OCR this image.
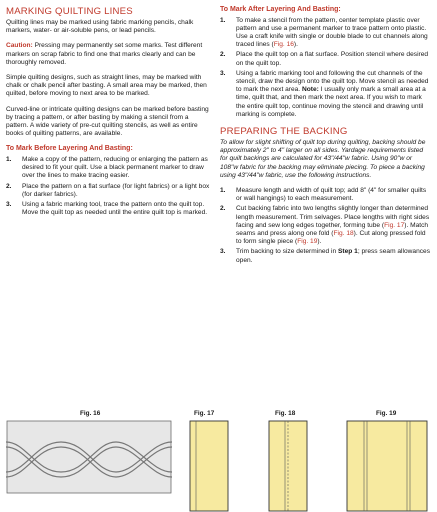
MARKING QUILTING LINES

Quilting lines may be marked using fabric marking pencils, chalk markers, water- or air-soluble pens, or lead pencils.

Caution: Pressing may permanently set some marks. Test different markers on scrap fabric to find one that marks clearly and can be thoroughly removed.

Simple quilting designs, such as straight lines, may be marked with chalk or chalk pencil after basting. A small area may be marked, then quilted, before moving to next area to be marked.

Curved-line or intricate quilting designs can be marked before basting by tracing a pattern, or after basting by making a stencil from a pattern. A wide variety of pre-cut quilting stencils, as well as entire books of quilting patterns, are available.

To Mark Before Layering And Basting:
1. Make a copy of the pattern, reducing or enlarging the pattern as desired to fit your quilt. Use a black permanent marker to draw over the lines to make tracing easier.
2. Place the pattern on a flat surface (for light fabrics) or a light box (for darker fabrics).
3. Using a fabric marking tool, trace the pattern onto the quilt top. Move the quilt top as needed until the entire quilt top is marked.
To Mark After Layering And Basting:
1. To make a stencil from the pattern, center template plastic over pattern and use a permanent marker to trace pattern onto plastic. Use a craft knife with single or double blade to cut channels along traced lines (Fig. 16).
2. Place the quilt top on a flat surface. Position stencil where desired on the quilt top.
3. Using a fabric marking tool and following the cut channels of the stencil, draw the design onto the quilt top. Move stencil as needed to mark the next area. Note: I usually only mark a small area at a time, quilt that, and then mark the next area. If you wish to mark the entire quilt top, continue moving the stencil and drawing until marking is complete.
PREPARING THE BACKING

To allow for slight shifting of quilt top during quilting, backing should be approximately 2" to 4" larger on all sides. Yardage requirements listed for quilt backings are calculated for 43"/44"w fabric. Using 90"w or 108"w fabric for the backing may eliminate piecing. To piece a backing using 43"/44"w fabric, use the following instructions.

1. Measure length and width of quilt top; add 8" (4" for smaller quilts or wall hangings) to each measurement.
2. Cut backing fabric into two lengths slightly longer than determined length measurement. Trim selvages. Place lengths with right sides facing and sew long edges together, forming tube (Fig. 17). Match seams and press along one fold (Fig. 18). Cut along pressed fold to form single piece (Fig. 19).
3. Trim backing to size determined in Step 1; press seam allowances open.
Fig. 16	Fig. 17	Fig. 18	Fig. 19
